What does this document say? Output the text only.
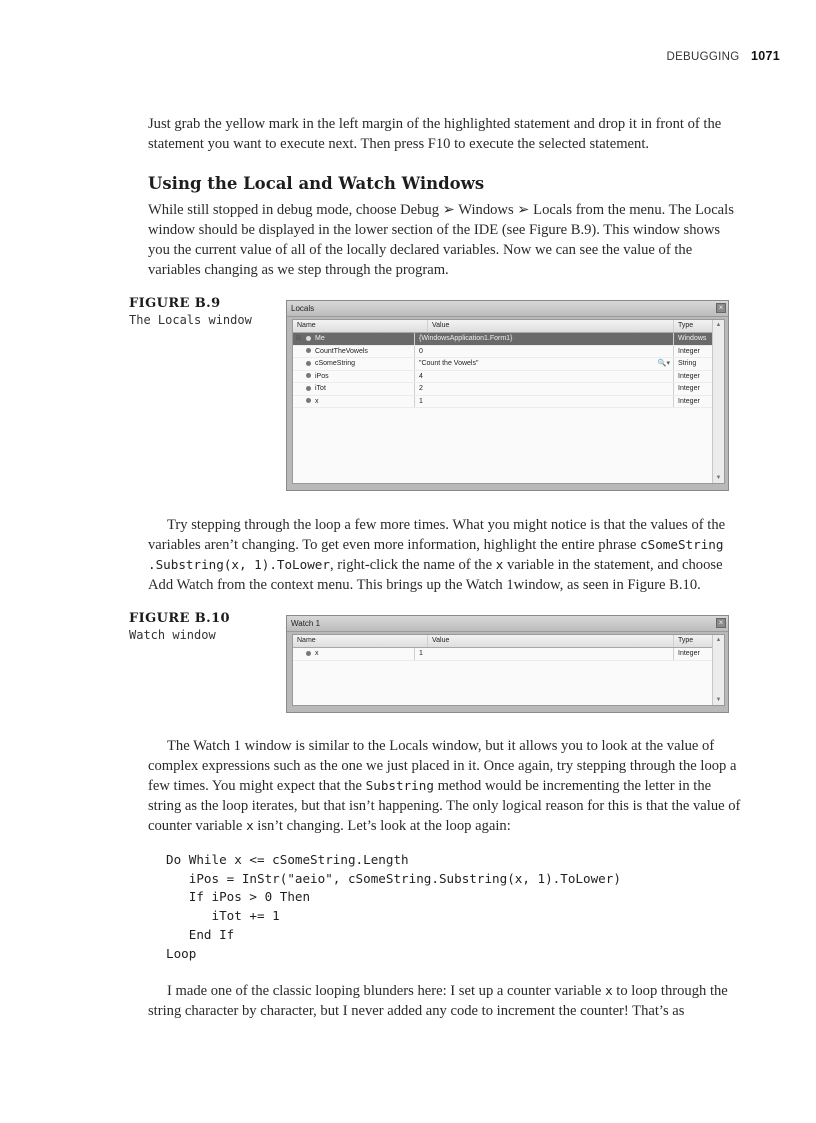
DEBUGGING 1071

Just grab the yellow mark in the left margin of the highlighted statement and drop it in front of the statement you want to execute next. Then press F10 to execute the selected statement.

Using the Local and Watch Windows

While still stopped in debug mode, choose Debug ➢ Windows ➢ Locals from the menu. The Locals window should be displayed in the lower section of the IDE (see Figure B.9). This window shows you the current value of all of the locally declared variables. Now we can see the value of the variables changing as we step through the program.

FIGURE B.9
The Locals window
Locals	×
Name	Value	Type
⊞	Me	{WindowsApplication1.Form1}	Windows
CountTheVowels	0	Integer
cSomeString	"Count the Vowels"	🔍▾	String
iPos	4	Integer
iTot	2	Integer
x	1	Integer
▲
▼

Try stepping through the loop a few more times. What you might notice is that the values of the variables aren’t changing. To get even more information, highlight the entire phrase cSomeString
.Substring(x, 1).ToLower, right-click the name of the x variable in the statement, and choose Add Watch from the context menu. This brings up the Watch 1window, as seen in Figure B.10.

FIGURE B.10
Watch window
Watch 1	×
Name	Value	Type
x	1	Integer
▲
▼

The Watch 1 window is similar to the Locals window, but it allows you to look at the value of complex expressions such as the one we just placed in it. Once again, try stepping through the loop a few times. You might expect that the Substring method would be incrementing the letter in the string as the loop iterates, but that isn’t happening. The only logical reason for this is that the value of counter variable x isn’t changing. Let’s look at the loop again:

Do While x <= cSomeString.Length
iPos = InStr("aeio", cSomeString.Substring(x, 1).ToLower)
If iPos > 0 Then
iTot += 1
End If
Loop

I made one of the classic looping blunders here: I set up a counter variable x to loop through the string character by character, but I never added any code to increment the counter! That’s as
